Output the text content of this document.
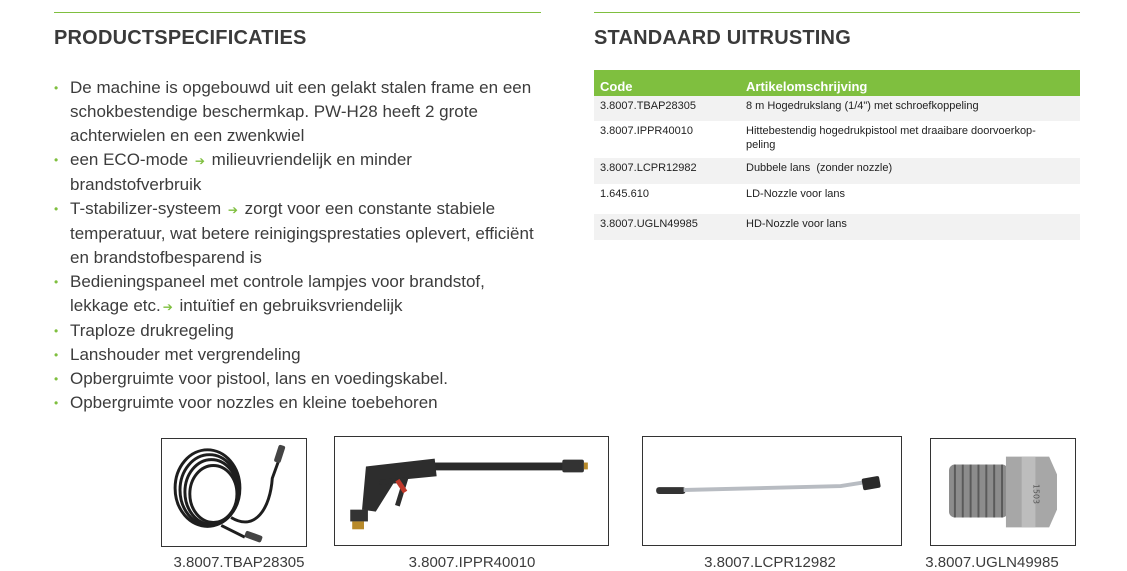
PRODUCTSPECIFICATIES
• De machine is opgebouwd uit een gelakt stalen frame en een schokbestendige beschermkap. PW-H28 heeft 2 grote achterwielen en een zwenkwiel
• een ECO-mode ➔ milieuvriendelijk en minder brandstofverbruik
• T-stabilizer-systeem ➔ zorgt voor een constante stabiele temperatuur, wat betere reinigingsprestaties oplevert, efficiënt en brandstofbesparend is
• Bedieningspaneel met controle lampjes voor brandstof, lekkage etc. ➔ intuïtief en gebruiksvriendelijk
• Traploze drukregeling
• Lanshouder met vergrendeling
• Opbergruimte voor pistool, lans en voedingskabel.
• Opbergruimte voor nozzles en kleine toebehoren
STANDAARD UITRUSTING
Code	Artikelomschrijving
3.8007.TBAP28305	8 m Hogedrukslang (1/4") met schroefkoppeling
3.8007.IPPR40010	Hittebestendig hogedrukpistool met draaibare doorvoerkop-peling
3.8007.LCPR12982	Dubbele lans  (zonder nozzle)
1.645.610	LD-Nozzle voor lans
3.8007.UGLN49985	HD-Nozzle voor lans
1503
3.8007.TBAP28305	3.8007.IPPR40010	3.8007.LCPR12982	3.8007.UGLN49985
